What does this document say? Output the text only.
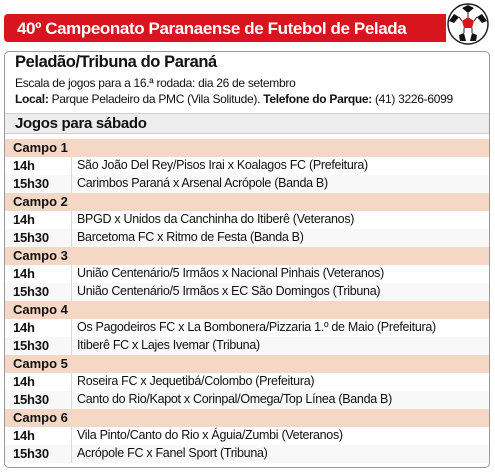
40º Campeonato Paranaense de Futebol de Pelada
Peladão/Tribuna do Paraná
Escala de jogos para a 16.ª rodada: dia 26 de setembro
Local: Parque Peladeiro da PMC (Vila Solitude). Telefone do Parque: (41) 3226-6099
Jogos para sábado
Campo 1
14h	São João Del Rey/Pisos Irai x Koalagos FC (Prefeitura)
15h30 Carimbos Paraná x Arsenal Acrópole (Banda B)
Campo 2
14h	BPGD x Unidos da Canchinha do Itiberê (Veteranos)
15h30 Barcetoma FC x Ritmo de Festa (Banda B)
Campo 3
14h	União Centenário/5 Irmãos x Nacional Pinhais (Veteranos)
15h30 União Centenário/5 Irmãos x EC São Domingos (Tribuna)
Campo 4
14h	Os Pagodeiros FC x La Bombonera/Pizzaria 1.º de Maio (Prefeitura)
15h30 Itiberê FC x Lajes Ivemar (Tribuna)
Campo 5
14h	Roseira FC x Jequetibá/Colombo (Prefeitura)
15h30 Canto do Rio/Kapot x Corinpal/Omega/Top Línea (Banda B)
Campo 6
14h	Vila Pinto/Canto do Rio x Águia/Zumbi (Veteranos)
15h30 Acrópole FC x Fanel Sport (Tribuna)
